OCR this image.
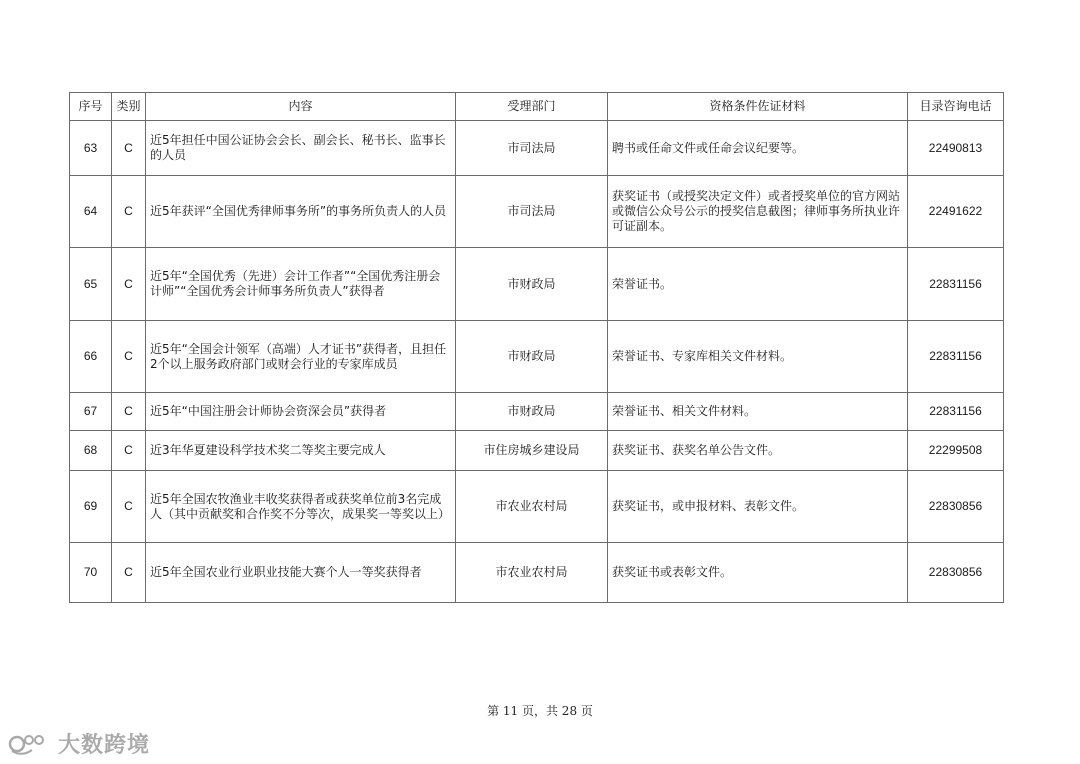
序号	类别	内容	受理部门	资格条件佐证材料	目录咨询电话
63	C	近5年担任中国公证协会会长、副会长、秘书长、监事长的人员	市司法局	聘书或任命文件或任命会议纪要等。	22490813
64	C	近5年获评“全国优秀律师事务所”的事务所负责人的人员	市司法局	获奖证书（或授奖决定文件）或者授奖单位的官方网站或微信公众号公示的授奖信息截图；律师事务所执业许可证副本。	22491622
65	C	近5年“全国优秀（先进）会计工作者”“全国优秀注册会计师”“全国优秀会计师事务所负责人”获得者	市财政局	荣誉证书。	22831156
66	C	近5年“全国会计领军（高端）人才证书”获得者，且担任2个以上服务政府部门或财会行业的专家库成员	市财政局	荣誉证书、专家库相关文件材料。	22831156
67	C	近5年“中国注册会计师协会资深会员”获得者	市财政局	荣誉证书、相关文件材料。	22831156
68	C	近3年华夏建设科学技术奖二等奖主要完成人	市住房城乡建设局	获奖证书、获奖名单公告文件。	22299508
69	C	近5年全国农牧渔业丰收奖获得者或获奖单位前3名完成人（其中贡献奖和合作奖不分等次，成果奖一等奖以上）	市农业农村局	获奖证书，或申报材料、表彰文件。	22830856
70	C	近5年全国农业行业职业技能大赛个人一等奖获得者	市农业农村局	获奖证书或表彰文件。	22830856
第 11 页，共 28 页
大数跨境
